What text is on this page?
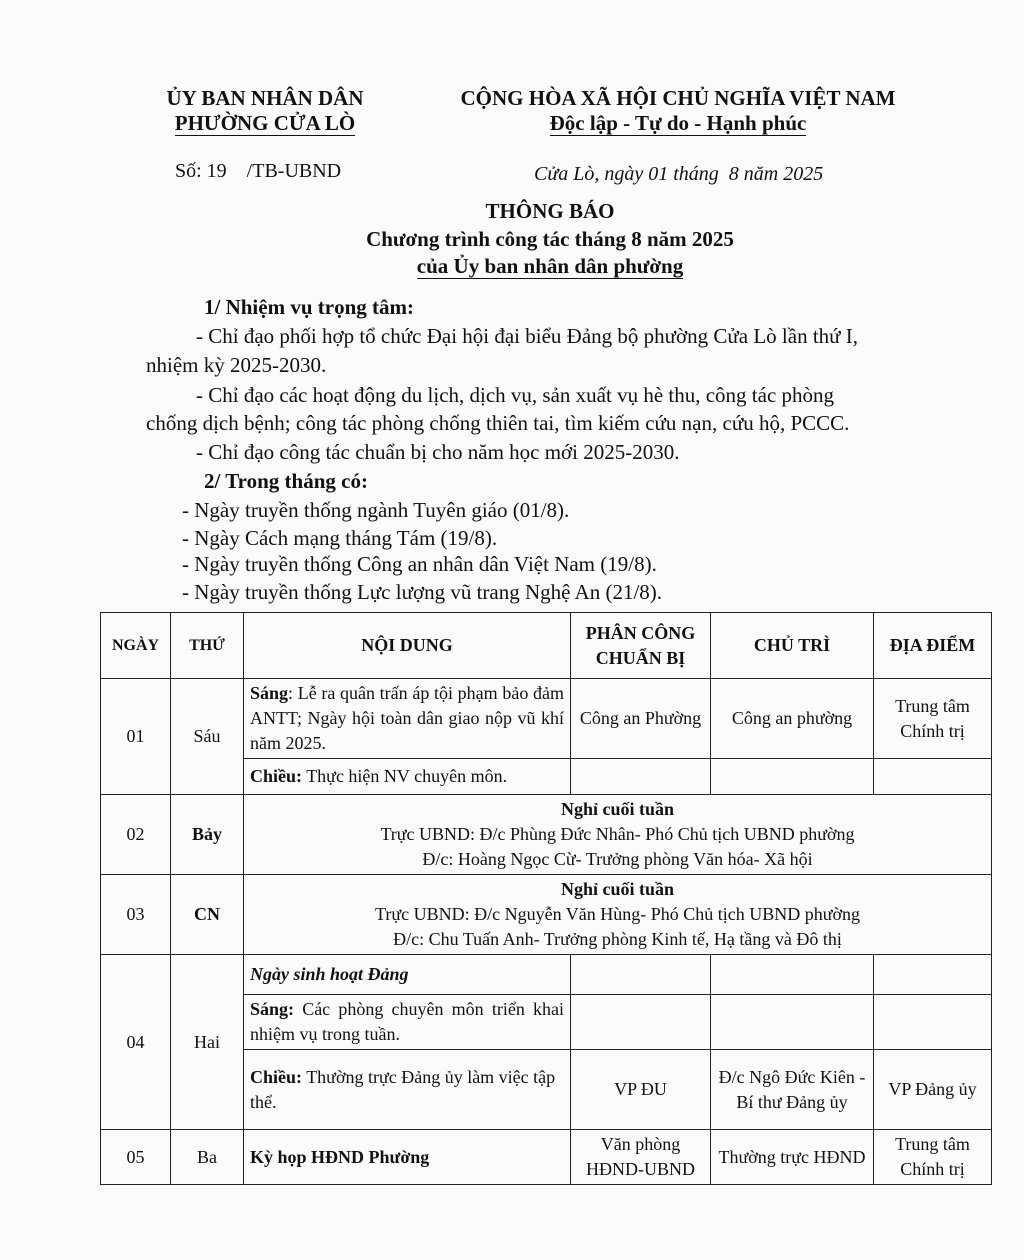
ỦY BAN NHÂN DÂN
PHƯỜNG CỬA LÒ
CỘNG HÒA XÃ HỘI CHỦ NGHĨA VIỆT NAM
Độc lập - Tự do - Hạnh phúc
Số: 19    /TB-UBND	Cửa Lò, ngày 01 tháng  8 năm 2025
THÔNG BÁO
Chương trình công tác tháng 8 năm 2025
của Ủy ban nhân dân phường
1/ Nhiệm vụ trọng tâm:
- Chỉ đạo phối hợp tổ chức Đại hội đại biểu Đảng bộ phường Cửa Lò lần thứ I,
nhiệm kỳ 2025-2030.
- Chỉ đạo các hoạt động du lịch, dịch vụ, sản xuất vụ hè thu, công tác phòng
chống dịch bệnh; công tác phòng chống thiên tai, tìm kiếm cứu nạn, cứu hộ, PCCC.
- Chỉ đạo công tác chuẩn bị cho năm học mới 2025-2030.
2/ Trong tháng có:
- Ngày truyền thống ngành Tuyên giáo (01/8).
- Ngày Cách mạng tháng Tám (19/8).
- Ngày truyền thống Công an nhân dân Việt Nam (19/8).
- Ngày truyền thống Lực lượng vũ trang Nghệ An (21/8).
NGÀY	THỨ	NỘI DUNG	PHÂN CÔNG CHUẨN BỊ	CHỦ TRÌ	ĐỊA ĐIỂM
01	Sáu	Sáng: Lễ ra quân trấn áp tội phạm bảo đảm ANTT; Ngày hội toàn dân giao nộp vũ khí năm 2025.	Công an Phường	Công an phường	Trung tâm Chính trị
		Chiều: Thực hiện NV chuyên môn.			
02	Bảy	Nghỉ cuối tuần
Trực UBND: Đ/c Phùng Đức Nhân- Phó Chủ tịch UBND phường
Đ/c: Hoàng Ngọc Cừ- Trưởng phòng Văn hóa- Xã hội			

03	CN	Nghỉ cuối tuần
Trực UBND: Đ/c Nguyễn Văn Hùng- Phó Chủ tịch UBND phường
Đ/c: Chu Tuấn Anh- Trưởng phòng Kinh tế, Hạ tầng và Đô thị			

04	Hai	Ngày sinh hoạt Đảng			
		Sáng: Các phòng chuyên môn triển khai nhiệm vụ trong tuần.			
		Chiều: Thường trực Đảng ủy làm việc tập thể.	VP ĐU	Đ/c Ngô Đức Kiên -Bí thư Đảng ủy	VP Đảng ủy
05	Ba	Kỳ họp HĐND Phường	Văn phòng HĐND-UBND	Thường trực HĐND	Trung tâm Chính trị
